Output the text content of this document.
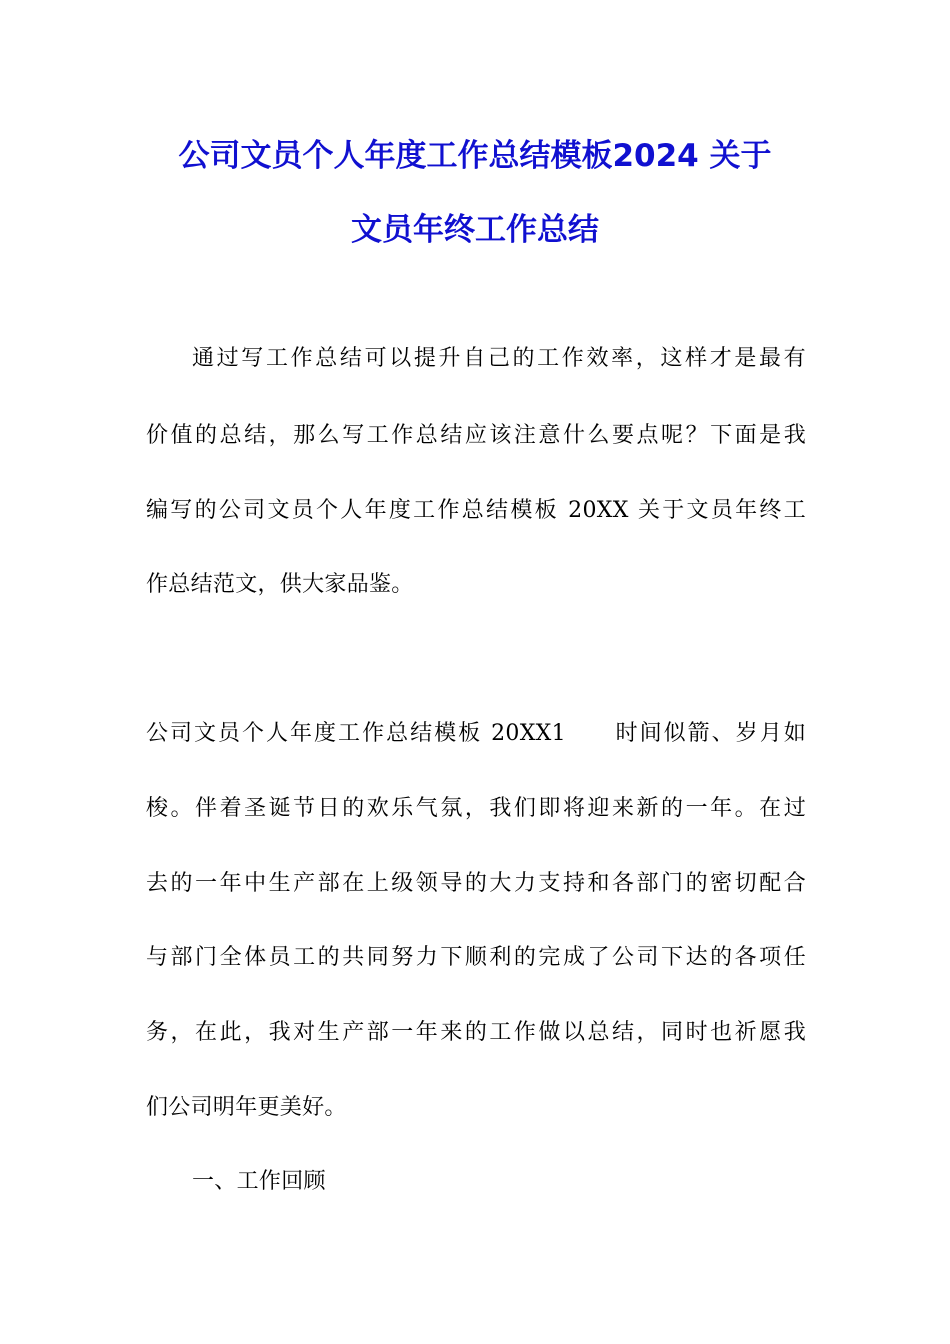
公司文员个人年度工作总结模板2024 关于
文员年终工作总结
通过写工作总结可以提升自己的工作效率，这样才是最有
价值的总结，那么写工作总结应该注意什么要点呢？下面是我
编写的公司文员个人年度工作总结模板 20XX 关于文员年终工
作总结范文，供大家品鉴。
公司文员个人年度工作总结模板 20XX1　　时间似箭、岁月如
梭。伴着圣诞节日的欢乐气氛，我们即将迎来新的一年。在过
去的一年中生产部在上级领导的大力支持和各部门的密切配合
与部门全体员工的共同努力下顺利的完成了公司下达的各项任
务，在此，我对生产部一年来的工作做以总结，同时也祈愿我
们公司明年更美好。
一、工作回顾
